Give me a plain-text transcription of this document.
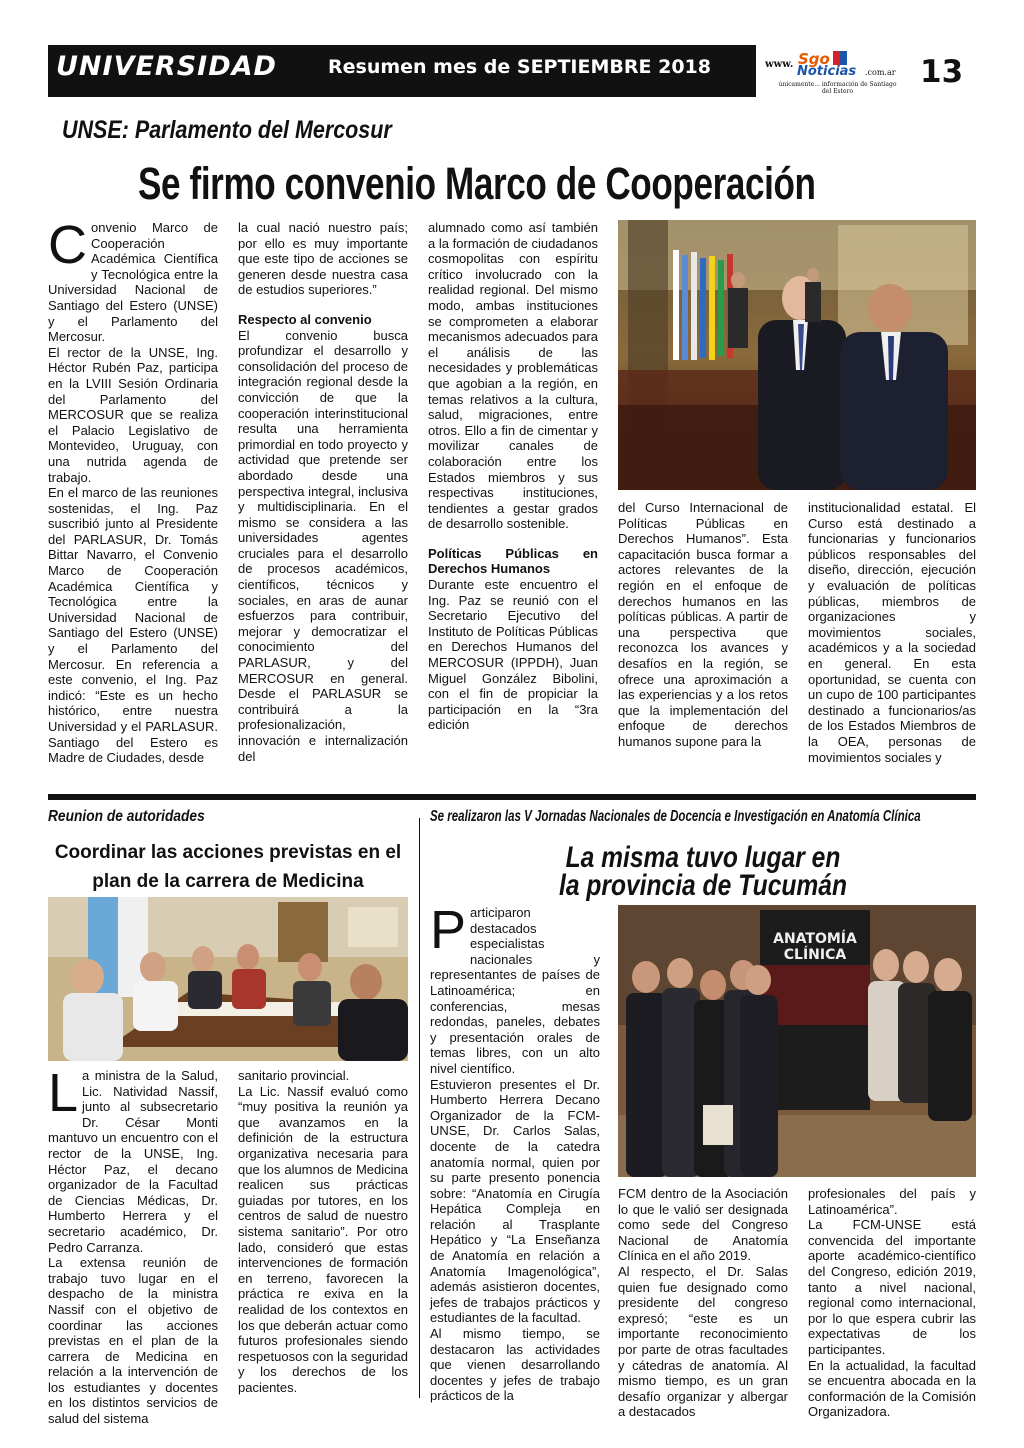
UNIVERSIDAD	Resumen mes de SEPTIEMBRE 2018	www. Sgo
Noticias .com.ar
únicamente... información de Santiago del Estero
13
UNSE: Parlamento del Mercosur
Se firmo convenio Marco de Cooperación
C onvenio Marco de Cooperación Académica Científica y Tecnológica entre la Universidad Nacional de Santiago del Estero (UNSE) y el Parlamento del Mercosur.

El rector de la UNSE, Ing. Héctor Rubén Paz, participa en la LVIII Sesión Ordinaria del Parlamento del MERCOSUR que se realiza el Palacio Legislativo de Montevideo, Uruguay, con una nutrida agenda de trabajo.

En el marco de las reuniones sostenidas, el Ing. Paz suscribió junto al Presidente del PARLASUR, Dr. Tomás Bittar Navarro, el Convenio Marco de Cooperación Académica Científica y Tecnológica entre la Universidad Nacional de Santiago del Estero (UNSE) y el Parlamento del Mercosur. En referencia a este convenio, el Ing. Paz indicó: “Este es un hecho histórico, entre nuestra Universidad y el PARLASUR. Santiago del Estero es Madre de Ciudades, desde

la cual nació nuestro país; por ello es muy importante que este tipo de acciones se generen desde nuestra casa de estudios superiores.”

Respecto al convenio

El convenio busca profundizar el desarrollo y consolidación del proceso de integración regional desde la convicción de que la cooperación interinstitucional resulta una herramienta primordial en todo proyecto y actividad que pretende ser abordado desde una perspectiva integral, inclusiva y multidisciplinaria. En el mismo se considera a las universidades agentes cruciales para el desarrollo de procesos académicos, científicos, técnicos y sociales, en aras de aunar esfuerzos para contribuir, mejorar y democratizar el conocimiento del PARLASUR, y del MERCOSUR en general. Desde el PARLASUR se contribuirá a la profesionalización, innovación e internalización del

alumnado como así también a la formación de ciudadanos cosmopolitas con espíritu crítico involucrado con la realidad regional. Del mismo modo, ambas instituciones se comprometen a elaborar mecanismos adecuados para el análisis de las necesidades y problemáticas que agobian a la región, en temas relativos a la cultura, salud, migraciones, entre otros. Ello a fin de cimentar y movilizar canales de colaboración entre los Estados miembros y sus respectivas instituciones, tendientes a gestar grados de desarrollo sostenible.

Políticas Públicas en Derechos Humanos

Durante este encuentro el Ing. Paz se reunió con el Secretario Ejecutivo del Instituto de Políticas Públicas en Derechos Humanos del MERCOSUR (IPPDH), Juan Miguel González Bibolini, con el fin de propiciar la participación en la “3ra edición

del Curso Internacional de Políticas Públicas en Derechos Humanos”. Esta capacitación busca formar a actores relevantes de la región en el enfoque de derechos humanos en las políticas públicas. A partir de una perspectiva que reconozca los avances y desafíos en la región, se ofrece una aproximación a las experiencias y a los retos que la implementación del enfoque de derechos humanos supone para la

institucionalidad estatal. El Curso está destinado a funcionarias y funcionarios públicos responsables del diseño, dirección, ejecución y evaluación de políticas públicas, miembros de organizaciones y movimientos sociales, académicos y a la sociedad en general. En esta oportunidad, se cuenta con un cupo de 100 participantes destinado a funcionarios/as de los Estados Miembros de la OEA, personas de movimientos sociales y

Reunion de autoridades
Coordinar las acciones previstas en el plan de la carrera de Medicina
L a ministra de la Salud, Lic. Natividad Nassif, junto al subsecretario Dr. César Monti mantuvo un encuentro con el rector de la UNSE, Ing. Héctor Paz, el decano organizador de la Facultad de Ciencias Médicas, Dr. Humberto Herrera y el secretario académico, Dr. Pedro Carranza.

La extensa reunión de trabajo tuvo lugar en el despacho de la ministra Nassif con el objetivo de coordinar las acciones previstas en el plan de la carrera de Medicina en relación a la intervención de los estudiantes y docentes en los distintos servicios de salud del sistema

sanitario provincial.

La Lic. Nassif evaluó como “muy positiva la reunión ya que avanzamos en la definición de la estructura organizativa necesaria para que los alumnos de Medicina realicen sus prácticas guiadas por tutores, en los centros de salud de nuestro sistema sanitario”. Por otro lado, consideró que estas intervenciones de formación en terreno, favorecen la práctica re exiva en la realidad de los contextos en los que deberán actuar como futuros profesionales siendo respetuosos con la seguridad y los derechos de los pacientes.

Se realizaron las V Jornadas Nacionales de Docencia e Investigación en Anatomía Clínica
La misma tuvo lugar en
la provincia de Tucumán
P articiparon destacados especialistas nacionales y representantes de países de Latinoamérica; en conferencias, mesas redondas, paneles, debates y presentación orales de temas libres, con un alto nivel científico.

Estuvieron presentes el Dr. Humberto Herrera Decano Organizador de la FCM-UNSE, Dr. Carlos Salas, docente de la catedra anatomía normal, quien por su parte presento ponencia sobre: “Anatomía en Cirugía Hepática Compleja en relación al Trasplante Hepático y “La Enseñanza de Anatomía en relación a Anatomía Imagenológica”, además asistieron docentes, jefes de trabajos prácticos y estudiantes de la facultad.

Al mismo tiempo, se destacaron las actividades que vienen desarrollando docentes y jefes de trabajo prácticos de la

ANATOMÍA
CLÍNICA

FCM dentro de la Asociación lo que le valió ser designada como sede del Congreso Nacional de Anatomía Clínica en el año 2019.

Al respecto, el Dr. Salas quien fue designado como presidente del congreso expresó; “este es un importante reconocimiento por parte de otras facultades y cátedras de anatomía. Al mismo tiempo, es un gran desafío organizar y albergar a destacados

profesionales del país y Latinoamérica”.

La FCM-UNSE está convencida del importante aporte académico-científico del Congreso, edición 2019, tanto a nivel nacional, regional como internacional, por lo que espera cubrir las expectativas de los participantes.

En la actualidad, la facultad se encuentra abocada en la conformación de la Comisión Organizadora.
